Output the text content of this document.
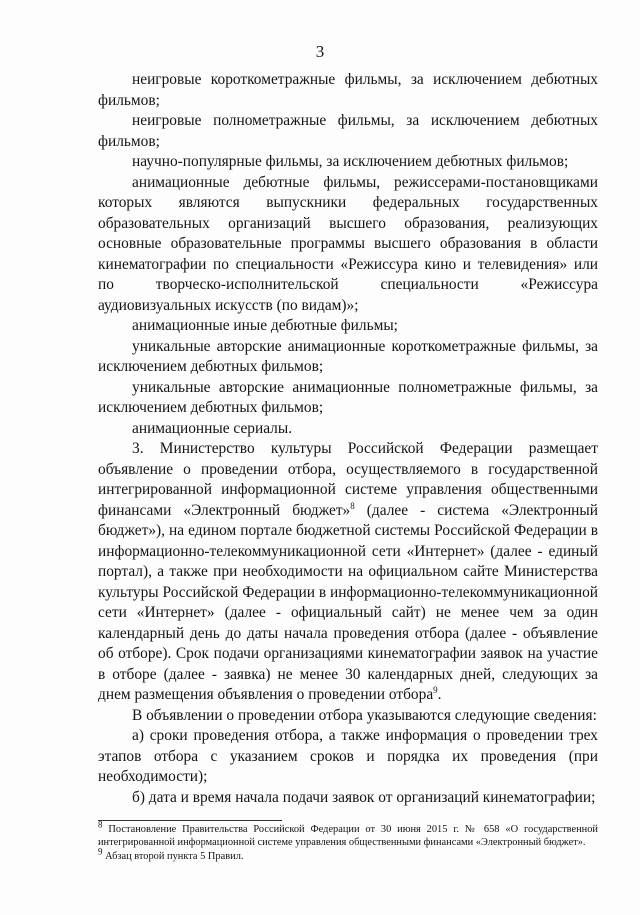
3

неигровые короткометражные фильмы, за исключением дебютных фильмов;

неигровые полнометражные фильмы, за исключением дебютных фильмов;

научно-популярные фильмы, за исключением дебютных фильмов;

анимационные дебютные фильмы, режиссерами-постановщиками которых являются выпускники федеральных государственных образовательных организаций высшего образования, реализующих основные образовательные программы высшего образования в области кинематографии по специальности «Режиссура кино и телевидения» или по творческо-исполнительской специальности «Режиссура аудиовизуальных искусств (по видам)»;

анимационные иные дебютные фильмы;

уникальные авторские анимационные короткометражные фильмы, за исключением дебютных фильмов;

уникальные авторские анимационные полнометражные фильмы, за исключением дебютных фильмов;

анимационные сериалы.

3. Министерство культуры Российской Федерации размещает объявление о проведении отбора, осуществляемого в государственной интегрированной информационной системе управления общественными финансами «Электронный бюджет»$^8$ (далее - система «Электронный бюджет»), на едином портале бюджетной системы Российской Федерации в информационно-телекоммуникационной сети «Интернет» (далее - единый портал), а также при необходимости на официальном сайте Министерства культуры Российской Федерации в информационно-телекоммуникационной сети «Интернет» (далее - официальный сайт) не менее чем за один календарный день до даты начала проведения отбора (далее - объявление об отборе). Срок подачи организациями кинематографии заявок на участие в отборе (далее - заявка) не менее 30 календарных дней, следующих за днем размещения объявления о проведении отбора$^9$.

В объявлении о проведении отбора указываются следующие сведения:

а) сроки проведения отбора, а также информация о проведении трех этапов отбора с указанием сроков и порядка их проведения (при необходимости);

б) дата и время начала подачи заявок от организаций кинематографии;

$^8$ Постановление Правительства Российской Федерации от 30 июня 2015 г. № 658 «О государственной интегрированной информационной системе управления общественными финансами «Электронный бюджет».

$^9$ Абзац второй пункта 5 Правил.
